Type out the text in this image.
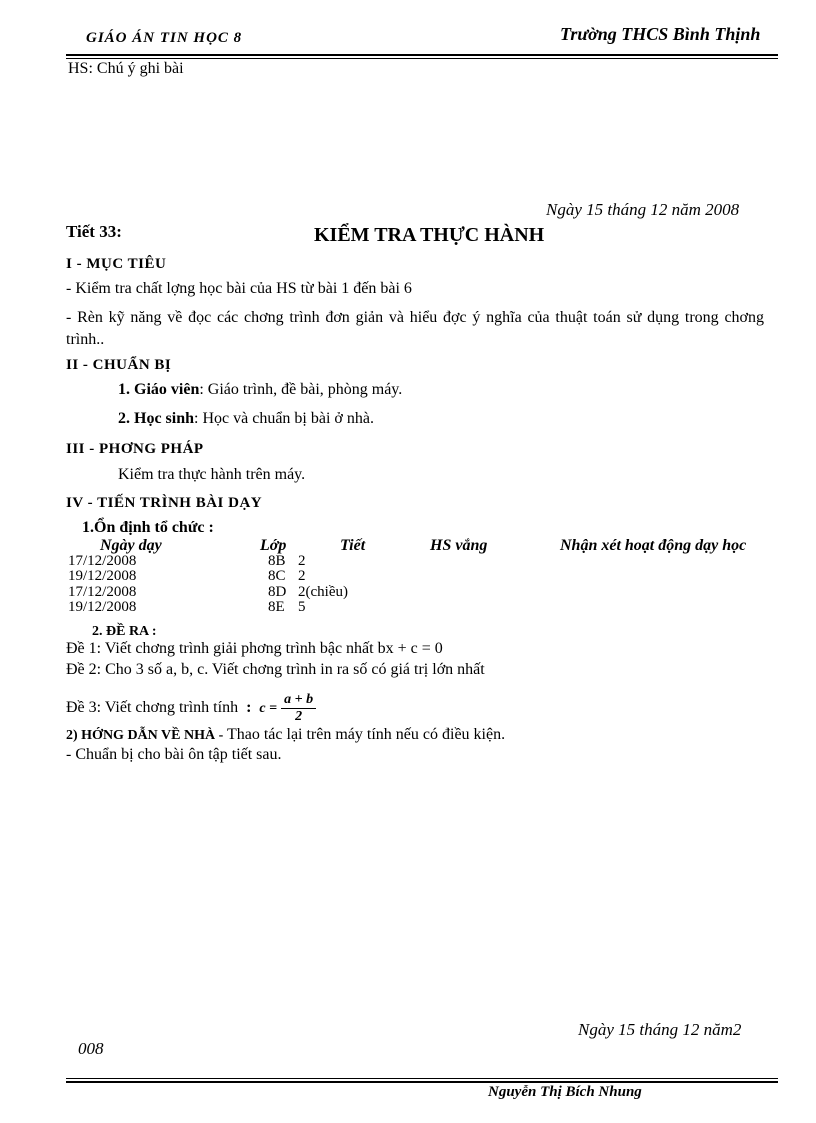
GIÁO ÁN TIN HỌC 8	Trường THCS Bình Thịnh
HS: Chú ý ghi bài
Ngày 15 tháng 12 năm 2008
Tiết 33:	KIỂM TRA THỰC HÀNH
I - MỤC TIÊU
- Kiểm tra chất lợng học bài của HS từ bài 1 đến bài 6
- Rèn kỹ năng về đọc các chơng trình đơn giản và hiểu đợc ý nghĩa của thuật toán sử dụng trong chơng trình..
II - CHUẨN BỊ
1. Giáo viên: Giáo trình, đề bài, phòng máy.
2. Học sinh: Học và chuẩn bị bài ở nhà.
III - PHƠNG PHÁP
Kiểm tra thực hành trên máy.
IV - TIẾN TRÌNH BÀI DẠY
1.Ổn định tổ chức :
Ngày dạy	Lớp	Tiết	HS vắng	Nhận xét hoạt động dạy học
17/12/2008	8B	2		
19/12/2008	8C	2		
17/12/2008	8D	2(chiều)		
19/12/2008	8E	5		
2. ĐỀ RA :
Đề 1: Viết chơng trình giải phơng trình bậc nhất bx + c = 0
Đề 2: Cho 3 số a, b, c. Viết chơng trình in ra số có giá trị lớn nhất
Đề 3: Viết chơng trình tính : $c = \frac{a + b}{2}$
2) HỚNG DẪN VỀ NHÀ - Thao tác lại trên máy tính nếu có điều kiện.
- Chuẩn bị cho bài ôn tập tiết sau.
Ngày 15 tháng 12 năm2
008
Nguyễn Thị Bích Nhung
